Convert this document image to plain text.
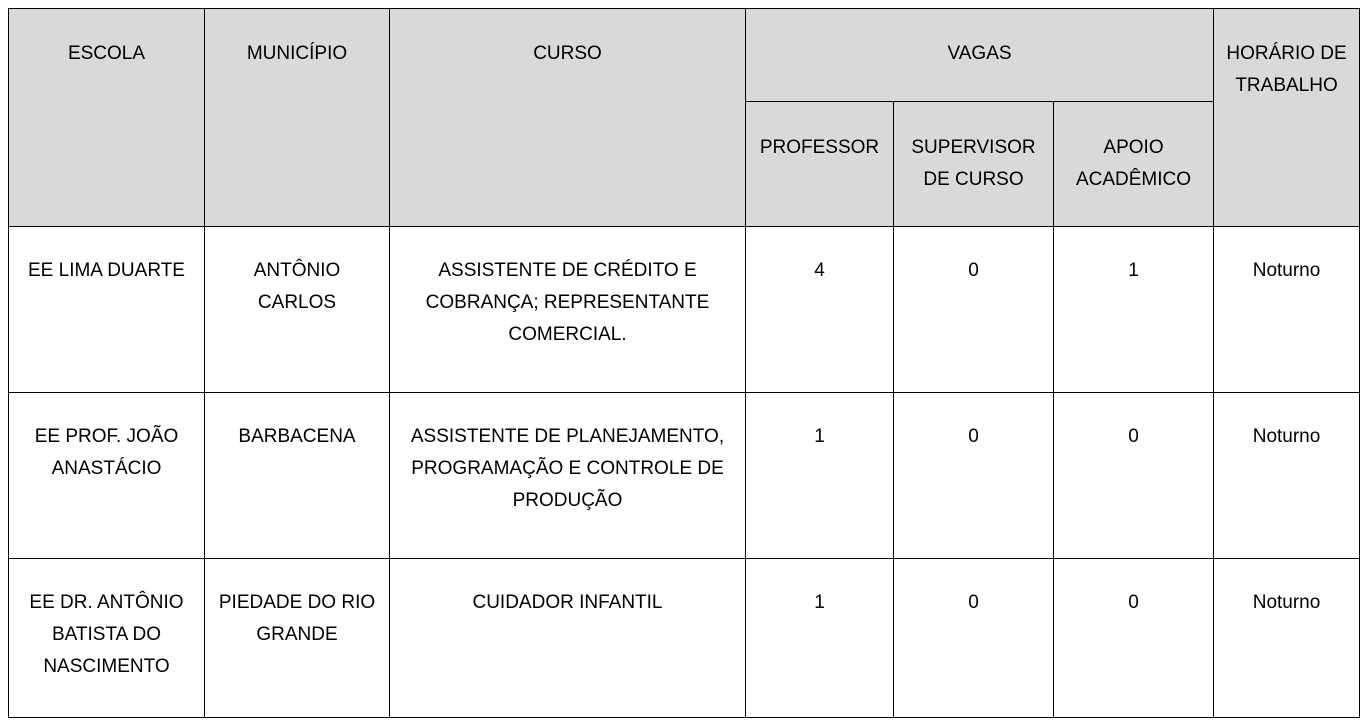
ESCOLA	MUNICÍPIO	CURSO	VAGAS			HORÁRIO DE TRABALHO
			PROFESSOR	SUPERVISOR DE CURSO	APOIO ACADÊMICO	
EE LIMA DUARTE	ANTÔNIO CARLOS	ASSISTENTE DE CRÉDITO E COBRANÇA; REPRESENTANTE COMERCIAL.	4	0	1	Noturno
EE PROF. JOÃO ANASTÁCIO	BARBACENA	ASSISTENTE DE PLANEJAMENTO, PROGRAMAÇÃO E CONTROLE DE PRODUÇÃO	1	0	0	Noturno
EE DR. ANTÔNIO BATISTA DO NASCIMENTO	PIEDADE DO RIO GRANDE	CUIDADOR INFANTIL	1	0	0	Noturno
